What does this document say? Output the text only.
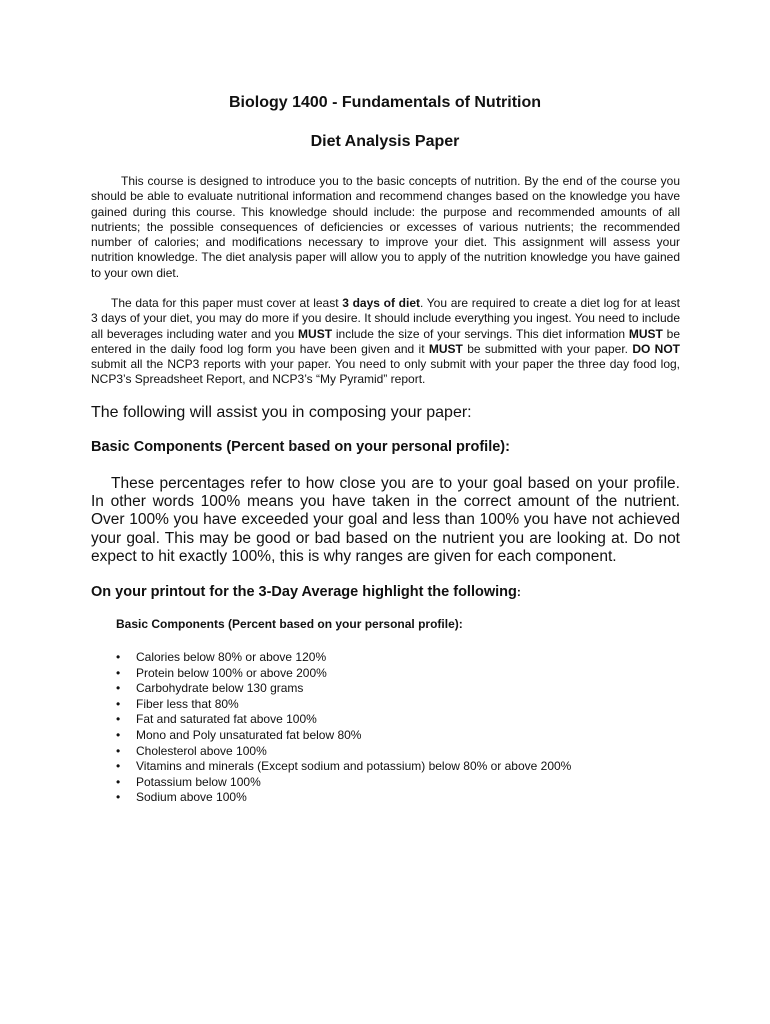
Biology 1400 - Fundamentals of Nutrition
Diet Analysis Paper

This course is designed to introduce you to the basic concepts of nutrition. By the end of the course you should be able to evaluate nutritional information and recommend changes based on the knowledge you have gained during this course. This knowledge should include: the purpose and recommended amounts of all nutrients; the possible consequences of deficiencies or excesses of various nutrients; the recommended number of calories; and modifications necessary to improve your diet. This assignment will assess your nutrition knowledge. The diet analysis paper will allow you to apply of the nutrition knowledge you have gained to your own diet.

The data for this paper must cover at least 3 days of diet. You are required to create a diet log for at least 3 days of your diet, you may do more if you desire. It should include everything you ingest. You need to include all beverages including water and you MUST include the size of your servings. This diet information MUST be entered in the daily food log form you have been given and it MUST be submitted with your paper. DO NOT submit all the NCP3 reports with your paper. You need to only submit with your paper the three day food log, NCP3’s Spreadsheet Report, and NCP3’s “My Pyramid” report.

The following will assist you in composing your paper:

Basic Components (Percent based on your personal profile):

These percentages refer to how close you are to your goal based on your profile. In other words 100% means you have taken in the correct amount of the nutrient. Over 100% you have exceeded your goal and less than 100% you have not achieved your goal. This may be good or bad based on the nutrient you are looking at. Do not expect to hit exactly 100%, this is why ranges are given for each component.

On your printout for the 3-Day Average highlight the following:

Basic Components (Percent based on your personal profile):

• Calories below 80% or above 120%
• Protein below 100% or above 200%
• Carbohydrate below 130 grams
• Fiber less that 80%
• Fat and saturated fat above 100%
• Mono and Poly unsaturated fat below 80%
• Cholesterol above 100%
• Vitamins and minerals (Except sodium and potassium) below 80% or above 200%
• Potassium below 100%
• Sodium above 100%
